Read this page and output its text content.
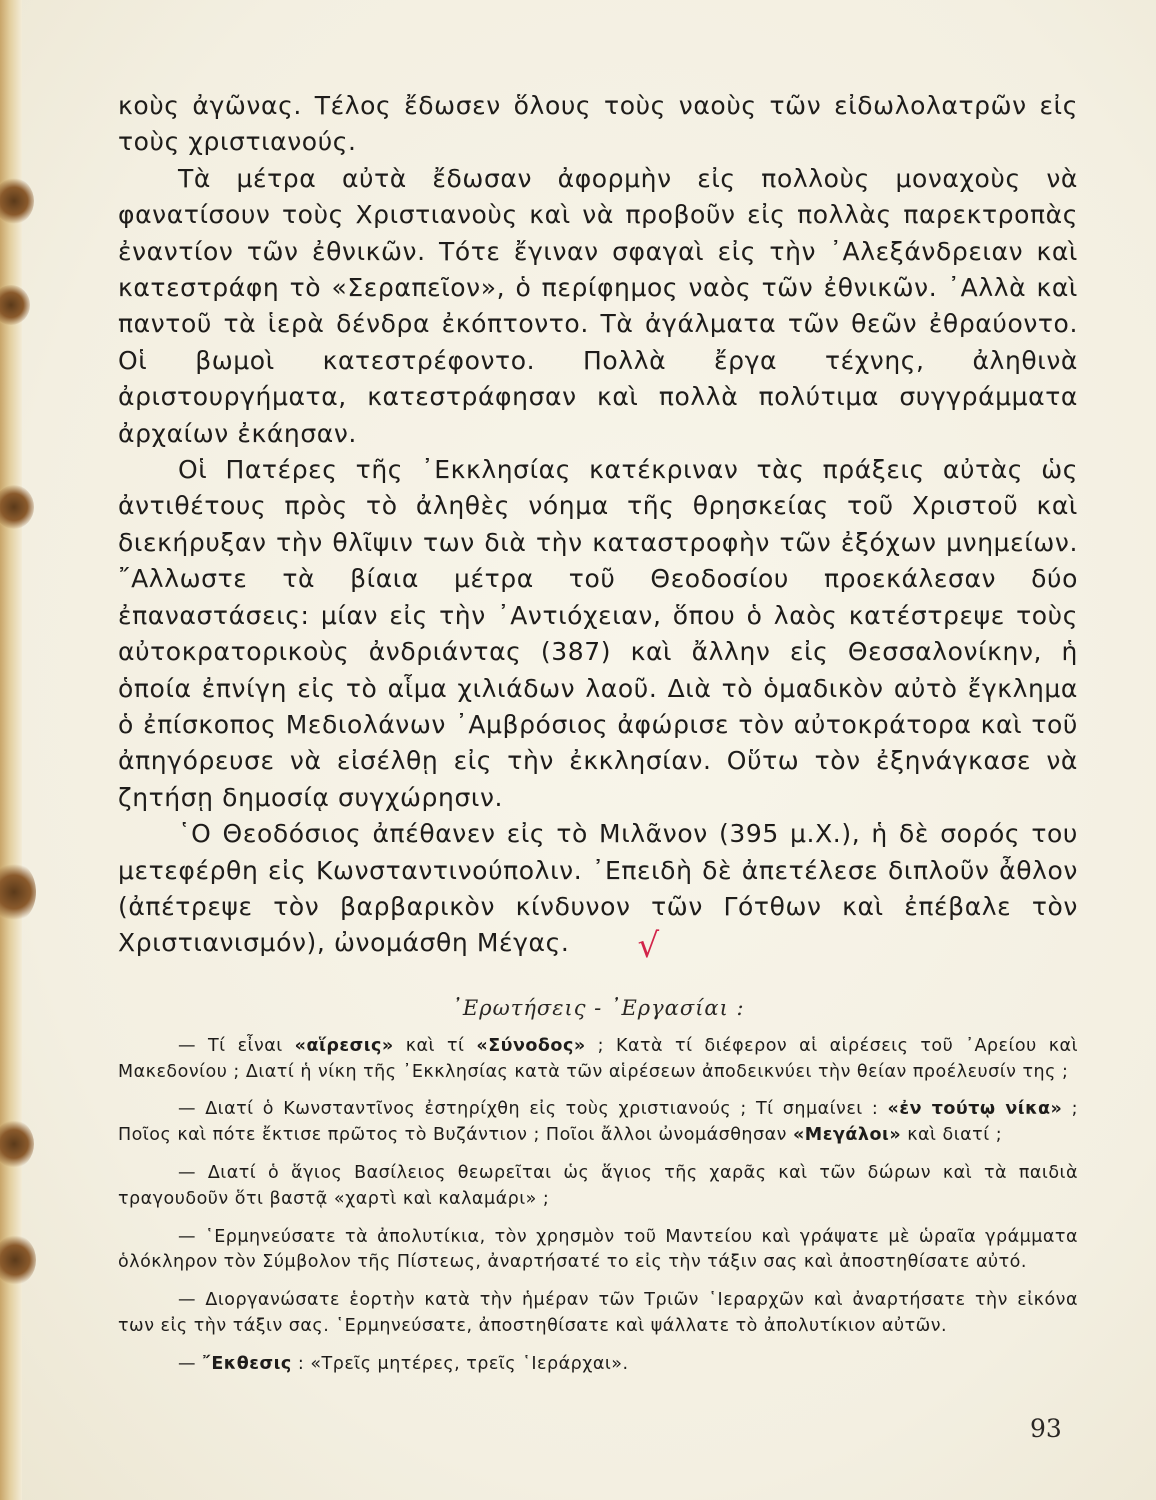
κοὺς ἀγῶνας. Τέλος ἔδωσεν ὅλους τοὺς ναοὺς τῶν εἰδωλολατρῶν εἰς τοὺς χριστιανούς.

Τὰ μέτρα αὐτὰ ἔδωσαν ἀφορμὴν εἰς πολλοὺς μοναχοὺς νὰ φανατίσουν τοὺς Χριστιανοὺς καὶ νὰ προβοῦν εἰς πολλὰς παρεκτροπὰς ἐναντίον τῶν ἐθνικῶν. Τότε ἔγιναν σφαγαὶ εἰς τὴν ᾿Αλεξάνδρειαν καὶ κατεστράφη τὸ «Σεραπεῖον», ὁ περίφημος ναὸς τῶν ἐθνικῶν. ᾿Αλλὰ καὶ παντοῦ τὰ ἱερὰ δένδρα ἐκόπτοντο. Τὰ ἀγάλματα τῶν θεῶν ἐθραύοντο. Οἱ βωμοὶ κατεστρέφοντο. Πολλὰ ἔργα τέχνης, ἀληθινὰ ἀριστουργήματα, κατεστράφησαν καὶ πολλὰ πολύτιμα συγγράμματα ἀρχαίων ἐκάησαν.

Οἱ Πατέρες τῆς ᾿Εκκλησίας κατέκριναν τὰς πράξεις αὐτὰς ὡς ἀντιθέτους πρὸς τὸ ἀληθὲς νόημα τῆς θρησκείας τοῦ Χριστοῦ καὶ διεκήρυξαν τὴν θλῖψιν των διὰ τὴν καταστροφὴν τῶν ἐξόχων μνημείων. ῎Αλλωστε τὰ βίαια μέτρα τοῦ Θεοδοσίου προεκάλεσαν δύο ἐπαναστάσεις: μίαν εἰς τὴν ᾿Αντιόχειαν, ὅπου ὁ λαὸς κατέστρεψε τοὺς αὐτοκρατορικοὺς ἀνδριάντας (387) καὶ ἄλλην εἰς Θεσσαλονίκην, ἡ ὁποία ἐπνίγη εἰς τὸ αἷμα χιλιάδων λαοῦ. Διὰ τὸ ὁμαδικὸν αὐτὸ ἔγκλημα ὁ ἐπίσκοπος Μεδιολάνων ᾿Αμβρόσιος ἀφώρισε τὸν αὐτοκράτορα καὶ τοῦ ἀπηγόρευσε νὰ εἰσέλθῃ εἰς τὴν ἐκκλησίαν. Οὕτω τὸν ἐξηνάγκασε νὰ ζητήσῃ δημοσίᾳ συγχώρησιν.

῾Ο Θεοδόσιος ἀπέθανεν εἰς τὸ Μιλᾶνον (395 μ.Χ.), ἡ δὲ σορός του μετεφέρθη εἰς Κωνσταντινούπολιν. ᾿Επειδὴ δὲ ἀπετέλεσε διπλοῦν ἆθλον (ἀπέτρεψε τὸν βαρβαρικὸν κίνδυνον τῶν Γότθων καὶ ἐπέβαλε τὸν Χριστιανισμόν), ὠνομάσθη Μέγας. √

᾿Ερωτήσεις - ᾿Εργασίαι :

— Τί εἶναι «αἵρεσις» καὶ τί «Σύνοδος» ; Κατὰ τί διέφερον αἱ αἱρέσεις τοῦ ᾿Αρείου καὶ Μακεδονίου ; Διατί ἡ νίκη τῆς ᾿Εκκλησίας κατὰ τῶν αἱρέσεων ἀποδεικνύει τὴν θείαν προέλευσίν της ;

— Διατί ὁ Κωνσταντῖνος ἐστηρίχθη εἰς τοὺς χριστιανούς ; Τί σημαίνει : «ἐν τούτῳ νίκα» ; Ποῖος καὶ πότε ἔκτισε πρῶτος τὸ Βυζάντιον ; Ποῖοι ἄλλοι ὠνομάσθησαν «Μεγάλοι» καὶ διατί ;

— Διατί ὁ ἅγιος Βασίλειος θεωρεῖται ὡς ἅγιος τῆς χαρᾶς καὶ τῶν δώρων καὶ τὰ παιδιὰ τραγουδοῦν ὅτι βαστᾷ «χαρτὶ καὶ καλαμάρι» ;

— ῾Ερμηνεύσατε τὰ ἀπολυτίκια, τὸν χρησμὸν τοῦ Μαντείου καὶ γράψατε μὲ ὡραῖα γράμματα ὁλόκληρον τὸν Σύμβολον τῆς Πίστεως, ἀναρτήσατέ το εἰς τὴν τάξιν σας καὶ ἀποστηθίσατε αὐτό.

— Διοργανώσατε ἑορτὴν κατὰ τὴν ἡμέραν τῶν Τριῶν ῾Ιεραρχῶν καὶ ἀναρτήσατε τὴν εἰκόνα των εἰς τὴν τάξιν σας. ῾Ερμηνεύσατε, ἀποστηθίσατε καὶ ψάλλατε τὸ ἀπολυτίκιον αὐτῶν.

— ῎Εκθεσις : «Τρεῖς μητέρες, τρεῖς ῾Ιεράρχαι».

93
